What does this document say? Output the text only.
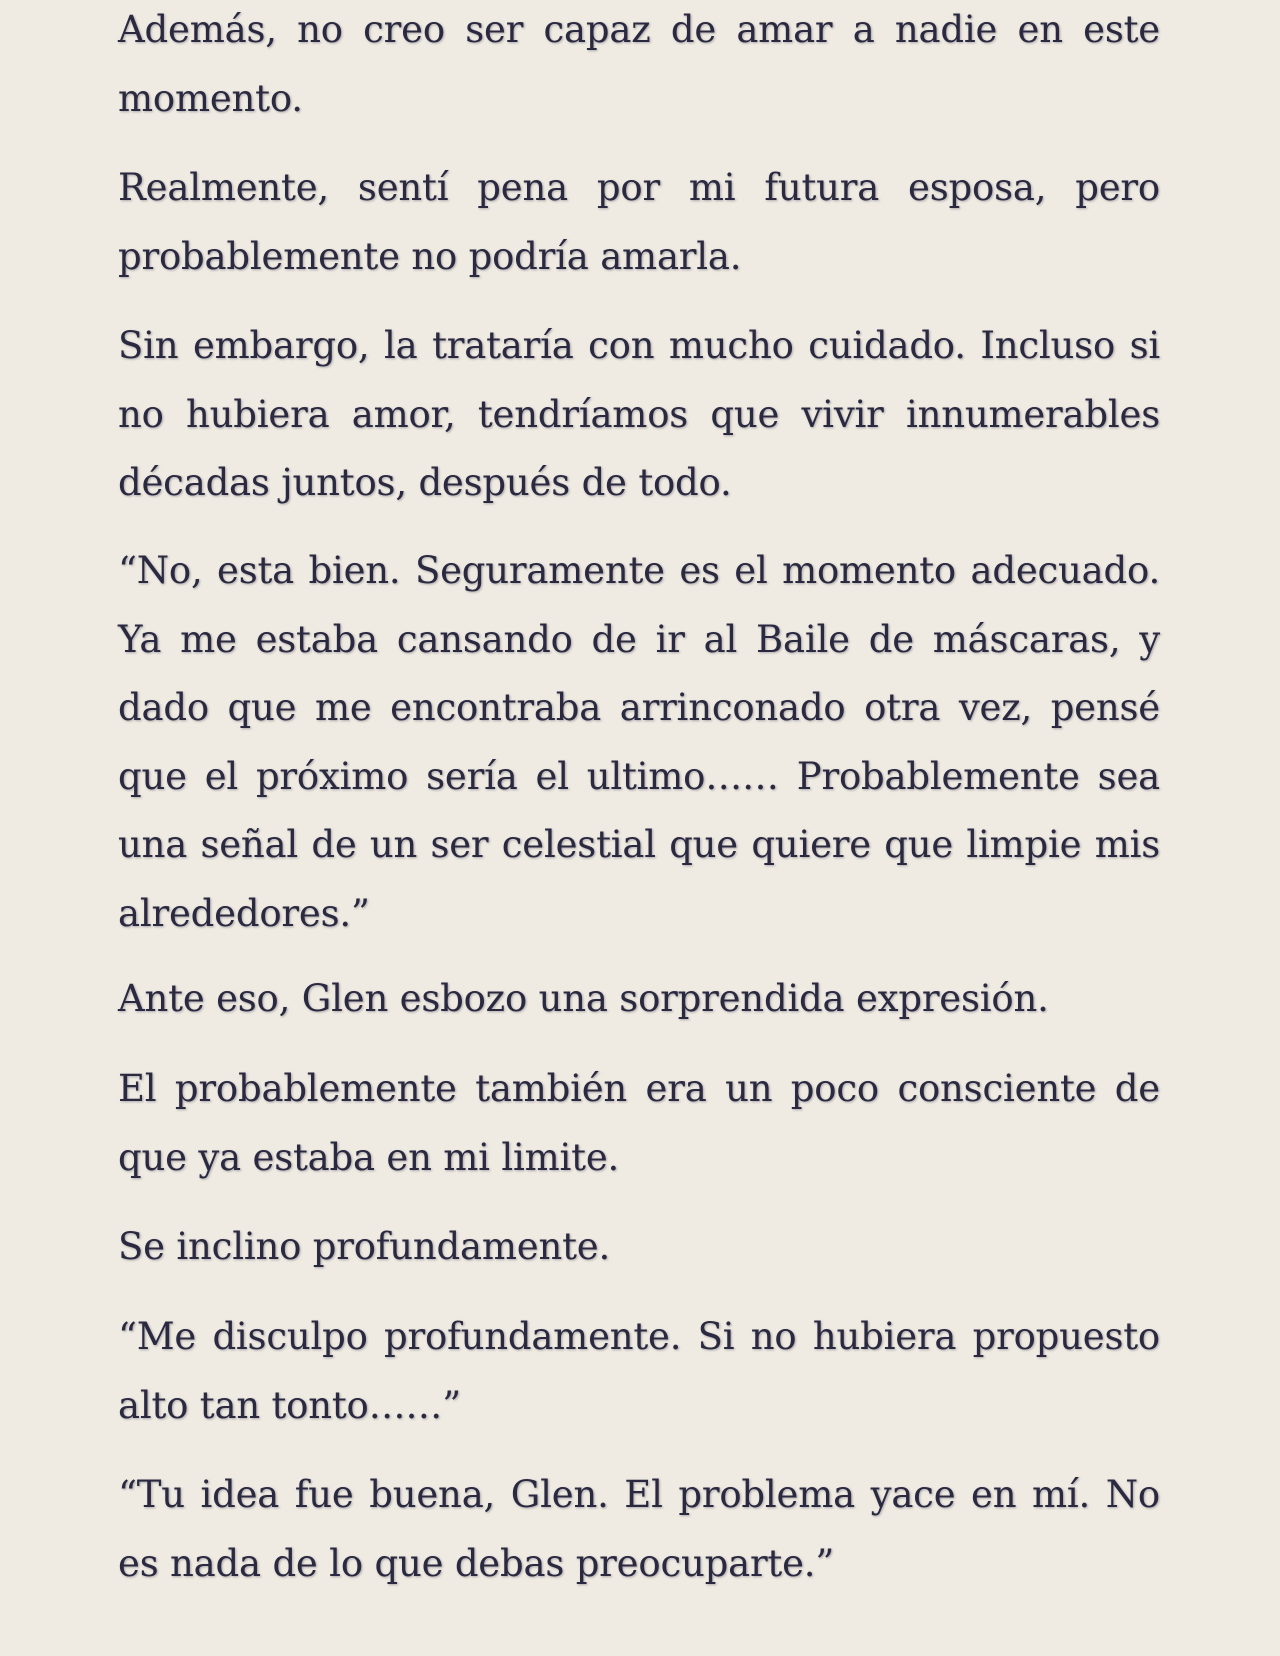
Además, no creo ser capaz de amar a nadie en este momento.

Realmente, sentí pena por mi futura esposa, pero probablemente no podría amarla.

Sin embargo, la trataría con mucho cuidado. Incluso si no hubiera amor, tendríamos que vivir innumerables décadas juntos, después de todo.

“No, esta bien. Seguramente es el momento adecuado. Ya me estaba cansando de ir al Baile de máscaras, y dado que me encontraba arrinconado otra vez, pensé que el próximo sería el ultimo…… Probablemente sea una señal de un ser celestial que quiere que limpie mis alrededores.”

Ante eso, Glen esbozo una sorprendida expresión.

El probablemente también era un poco consciente de que ya estaba en mi limite.

Se inclino profundamente.

“Me disculpo profundamente. Si no hubiera propuesto alto tan tonto……”

“Tu idea fue buena, Glen. El problema yace en mí. No es nada de lo que debas preocuparte.”
